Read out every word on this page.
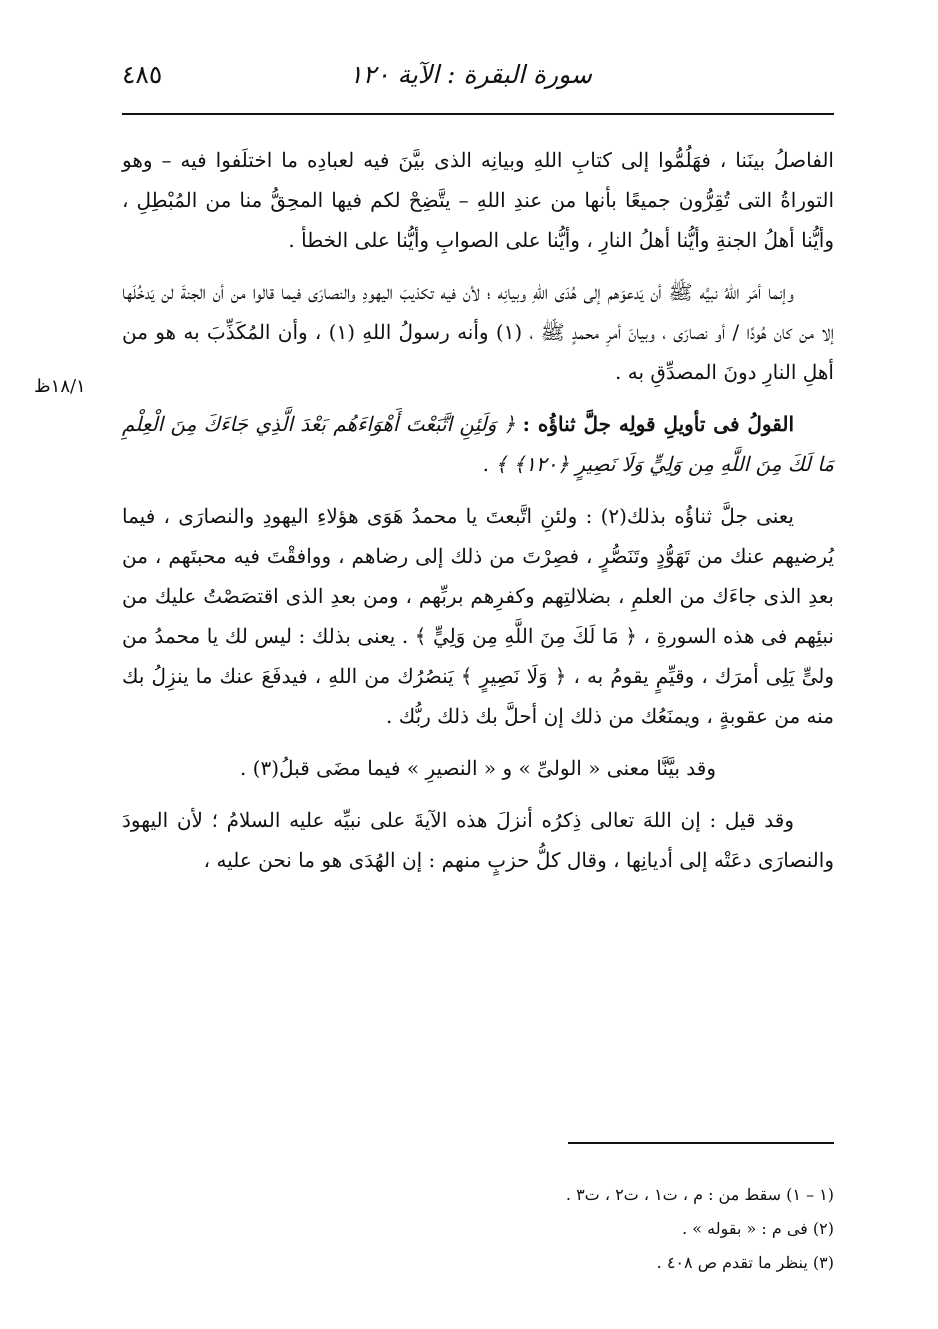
سورة البقرة : الآية ١٢٠
٤٨٥
١٨/١ظ

الفاصلُ بينَنا ، فهَلُمُّوا إلى كتابِ اللهِ وبيانِه الذى بيَّنَ فيه لعبادِه ما اختلَفوا فيه – وهو التوراةُ التى تُقِرُّون جميعًا بأنها من عندِ اللهِ – يتَّضِحْ لكم فيها المحِقُّ منا من المُبْطِلِ ، وأيُّنا أهلُ الجنةِ وأيُّنا أهلُ النارِ ، وأيُّنا على الصوابِ وأيُّنا على الخطأ .

وإنما أمَر اللهُ نبيَّه ﷺ أن يَدعوَهم إلى هُدَى اللهِ وبيانِه ؛ لأن فيه تكذيبَ اليهودِ والنصارَى فيما قالوا من أن الجنةَ لن يَدخُلَها إلا من كان هُودًا / أو نصارَى ، وبيانَ أمرِ محمدٍ ﷺ ، (١) وأنه رسولُ اللهِ (١) ، وأن المُكَذِّبَ به هو من أهلِ النارِ دونَ المصدِّقِ به .

القولُ فى تأويلِ قولِه جلَّ ثناؤُه : ﴿ وَلَئِنِ اتَّبَعْتَ أَهْوَاءَهُم بَعْدَ الَّذِي جَاءَكَ مِنَ الْعِلْمِ مَا لَكَ مِنَ اللَّهِ مِن وَلِيٍّ وَلَا نَصِيرٍ ﴿١٢٠﴾ ﴾ .

يعنى جلَّ ثناؤُه بذلك(٢) : ولئنِ اتَّبعتَ يا محمدُ هَوَى هؤلاءِ اليهودِ والنصارَى ، فيما يُرضيهم عنك من تَهَوُّدٍ وتَنَصُّرٍ ، فصِرْتَ من ذلك إلى رضاهم ، ووافقْتَ فيه محبتَهم ، من بعدِ الذى جاءَك من العلمِ ، بضلالتِهم وكفرِهم بربِّهم ، ومن بعدِ الذى اقتصَصْتُ عليك من نبئِهم فى هذه السورةِ ، ﴿ مَا لَكَ مِنَ اللَّهِ مِن وَلِيٍّ ﴾ . يعنى بذلك : ليس لك يا محمدُ من ولىٍّ يَلِى أمرَك ، وقيِّمٍ يقومُ به ، ﴿ وَلَا نَصِيرٍ ﴾ يَنصُرُك من اللهِ ، فيدفَعَ عنك ما ينزِلُ بك منه من عقوبةٍ ، ويمنَعُك من ذلك إن أحلَّ بك ذلك ربُّك .

وقد بيَّنَّا معنى « الولىِّ » و « النصيرِ » فيما مضَى قبلُ(٣) .

وقد قيل : إن اللهَ تعالى ذِكرُه أنزلَ هذه الآيةَ على نبيِّه عليه السلامُ ؛ لأن اليهودَ والنصارَى دعَتْه إلى أديانِها ، وقال كلُّ حزبٍ منهم : إن الهُدَى هو ما نحن عليه ،

(١ – ١) سقط من : م ، ت١ ، ت٢ ، ت٣ .

(٢) فى م : « بقوله » .

(٣) ينظر ما تقدم ص ٤٠٨ .
